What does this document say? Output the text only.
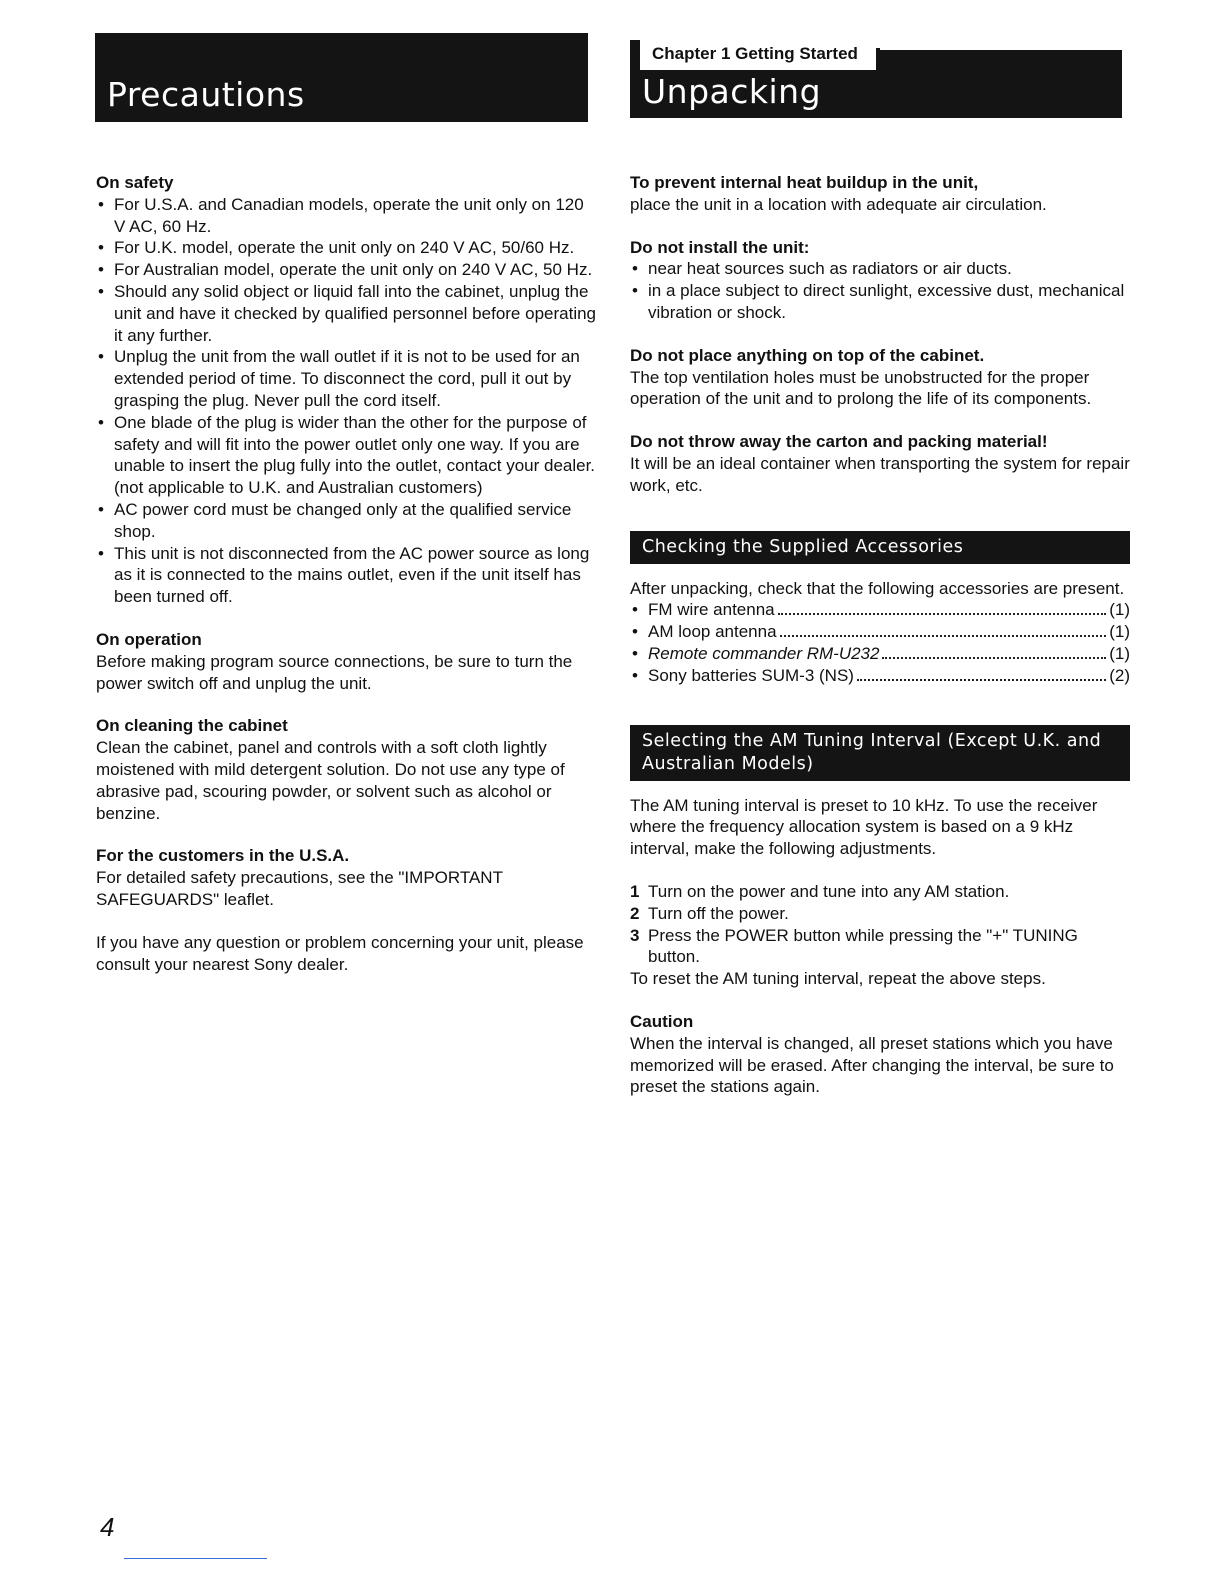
Precautions	Unpacking
Chapter 1 Getting Started
On safety
• For U.S.A. and Canadian models, operate the unit only on 120 V AC, 60 Hz.
• For U.K. model, operate the unit only on 240 V AC, 50/60 Hz.
• For Australian model, operate the unit only on 240 V AC, 50 Hz.
• Should any solid object or liquid fall into the cabinet, unplug the unit and have it checked by qualified personnel before operating it any further.
• Unplug the unit from the wall outlet if it is not to be used for an extended period of time. To disconnect the cord, pull it out by grasping the plug. Never pull the cord itself.
• One blade of the plug is wider than the other for the purpose of safety and will fit into the power outlet only one way. If you are unable to insert the plug fully into the outlet, contact your dealer. (not applicable to U.K. and Australian customers)
• AC power cord must be changed only at the qualified service shop.
• This unit is not disconnected from the AC power source as long as it is connected to the mains outlet, even if the unit itself has been turned off.
On operation

Before making program source connections, be sure to turn the power switch off and unplug the unit.

On cleaning the cabinet

Clean the cabinet, panel and controls with a soft cloth lightly moistened with mild detergent solution. Do not use any type of abrasive pad, scouring powder, or solvent such as alcohol or benzine.

For the customers in the U.S.A.

For detailed safety precautions, see the "IMPORTANT SAFEGUARDS" leaflet.

If you have any question or problem concerning your unit, please consult your nearest Sony dealer.

To prevent internal heat buildup in the unit,

place the unit in a location with adequate air circulation.

Do not install the unit:
• near heat sources such as radiators or air ducts.
• in a place subject to direct sunlight, excessive dust, mechanical vibration or shock.
Do not place anything on top of the cabinet.

The top ventilation holes must be unobstructed for the proper operation of the unit and to prolong the life of its components.

Do not throw away the carton and packing material!

It will be an ideal container when transporting the system for repair work, etc.

Checking the Supplied Accessories

After unpacking, check that the following accessories are present.

• FM wire antenna	(1)
• AM loop antenna	(1)
• Remote commander RM-U232	(1)
• Sony batteries SUM-3 (NS)	(2)
Selecting the AM Tuning Interval (Except U.K. and Australian Models)

The AM tuning interval is preset to 10 kHz. To use the receiver where the frequency allocation system is based on a 9 kHz interval, make the following adjustments.

1 Turn on the power and tune into any AM station.
2 Turn off the power.
3 Press the POWER button while pressing the "+" TUNING button.

To reset the AM tuning interval, repeat the above steps.

Caution

When the interval is changed, all preset stations which you have memorized will be erased. After changing the interval, be sure to preset the stations again.

4
